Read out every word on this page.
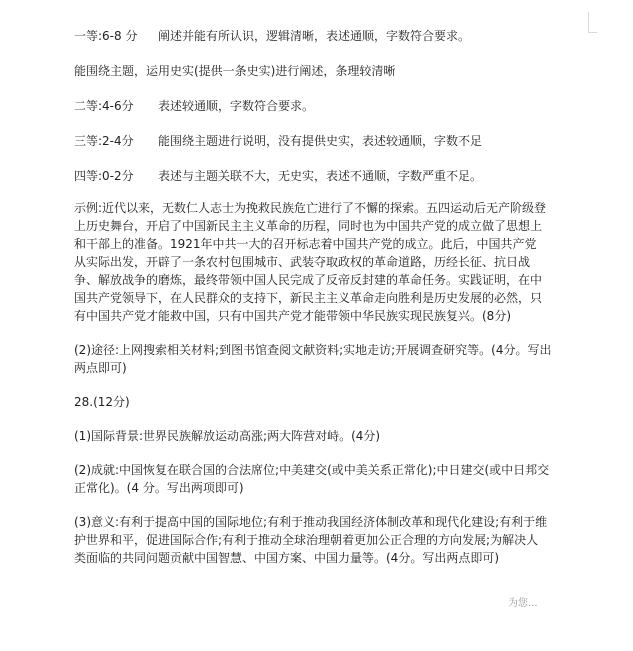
一等:6-8 分	阐述并能有所认识，逻辑清晰，表述通顺，字数符合要求。

能围绕主题，运用史实(提供一条史实)进行阐述，条理较清晰

二等:4-6分	表述较通顺，字数符合要求。
三等:2-4分	能围绕主题进行说明，没有提供史实，表述较通顺，字数不足
四等:0-2分	表述与主题关联不大，无史实，表述不通顺，字数严重不足。
示例:近代以来，无数仁人志士为挽救民族危亡进行了不懈的探索。五四运动后无产阶级登
上历史舞台，开启了中国新民主主义革命的历程，同时也为中国共产党的成立做了思想上
和干部上的准备。1921年中共一大的召开标志着中国共产党的成立。此后，中国共产党
从实际出发，开辟了一条农村包围城市、武装夺取政权的革命道路，历经长征、抗日战
争、解放战争的磨炼，最终带领中国人民完成了反帝反封建的革命任务。实践证明，在中
国共产党领导下，在人民群众的支持下，新民主主义革命走向胜利是历史发展的必然，只
有中国共产党才能救中国，只有中国共产党才能带领中华民族实现民族复兴。(8分)
(2)途径:上网搜索相关材料;到图书馆查阅文献资料;实地走访;开展调查研究等。(4分。写出
两点即可)

28.(12分)

(1)国际背景:世界民族解放运动高涨;两大阵营对峙。(4分)

(2)成就:中国恢复在联合国的合法席位;中美建交(或中美关系正常化);中日建交(或中日邦交
正常化)。(4 分。写出两项即可)
(3)意义:有利于提高中国的国际地位;有利于推动我国经济体制改革和现代化建设;有利于维
护世界和平，促进国际合作;有利于推动全球治理朝着更加公正合理的方向发展;为解决人
类面临的共同问题贡献中国智慧、中国方案、中国力量等。(4分。写出两点即可)
为您...
